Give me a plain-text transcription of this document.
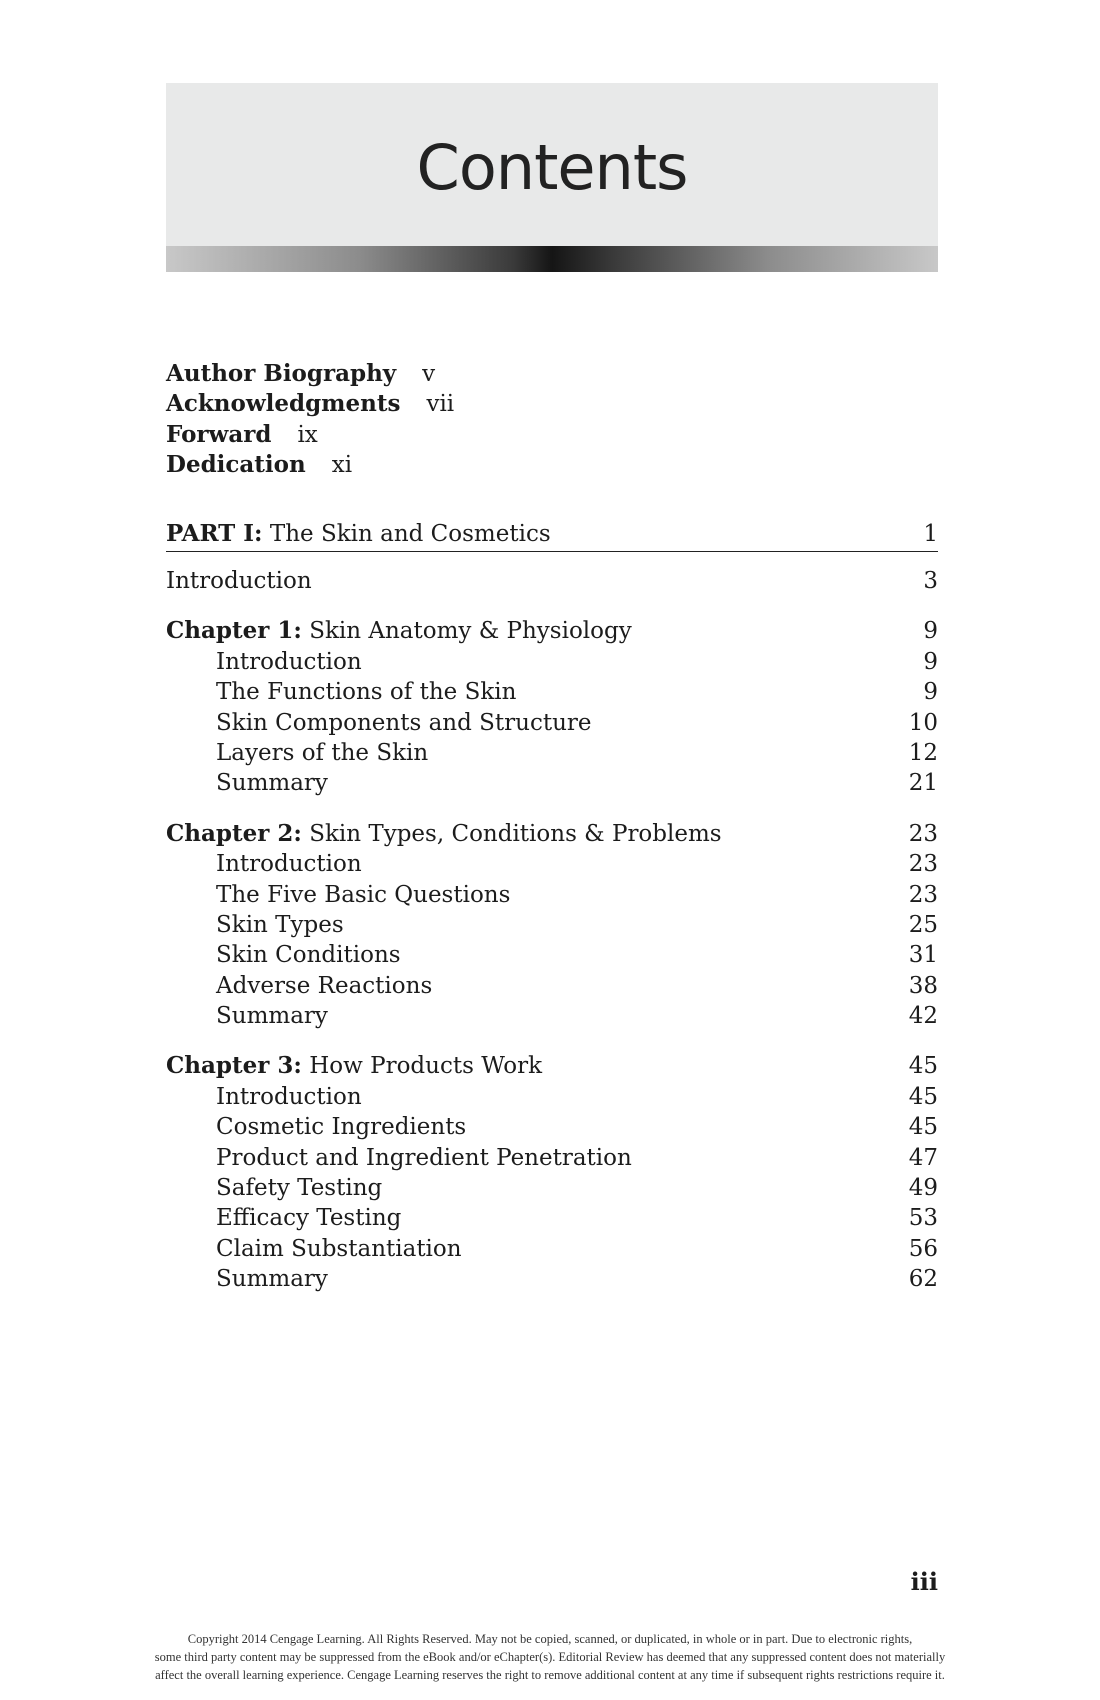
Contents
Author Biography v
Acknowledgments vii
Forward ix
Dedication xi
PART I: The Skin and Cosmetics	1
Introduction	3
Chapter 1: Skin Anatomy & Physiology	9
Introduction	9
The Functions of the Skin	9
Skin Components and Structure	10
Layers of the Skin	12
Summary	21
Chapter 2: Skin Types, Conditions & Problems	23
Introduction	23
The Five Basic Questions	23
Skin Types	25
Skin Conditions	31
Adverse Reactions	38
Summary	42
Chapter 3: How Products Work	45
Introduction	45
Cosmetic Ingredients	45
Product and Ingredient Penetration	47
Safety Testing	49
Efficacy Testing	53
Claim Substantiation	56
Summary	62
iii
Copyright 2014 Cengage Learning. All Rights Reserved. May not be copied, scanned, or duplicated, in whole or in part. Due to electronic rights,
some third party content may be suppressed from the eBook and/or eChapter(s). Editorial Review has deemed that any suppressed content does not materially
affect the overall learning experience. Cengage Learning reserves the right to remove additional content at any time if subsequent rights restrictions require it.
